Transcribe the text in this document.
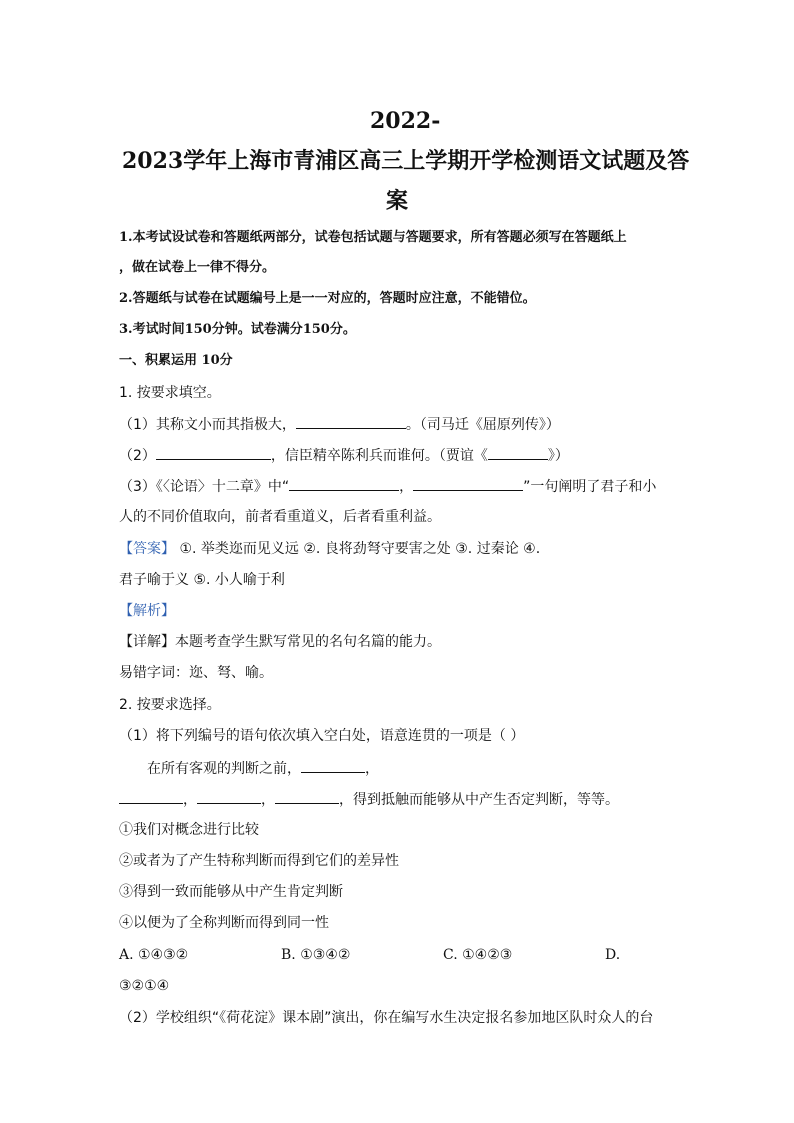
2022-
2023学年上海市青浦区高三上学期开学检测语文试题及答
案
1.本考试设试卷和答题纸两部分，试卷包括试题与答题要求，所有答题必须写在答题纸上
，做在试卷上一律不得分。
2.答题纸与试卷在试题编号上是一一对应的，答题时应注意，不能错位。
3.考试时间150分钟。试卷满分150分。
一、积累运用 10分
1. 按要求填空。
（1）其称文小而其指极大，	。（司马迁《屈原列传》）
（2）	，信臣精卒陈利兵而谁何。（贾谊《	》）
（3）《〈论语〉十二章》中“	，	”一句阐明了君子和小
人的不同价值取向，前者看重道义，后者看重利益。
【答案】 ①. 举类迩而见义远 ②. 良将劲弩守要害之处 ③. 过秦论 ④.
君子喻于义 ⑤. 小人喻于利
【解析】
【详解】本题考查学生默写常见的名句名篇的能力。
易错字词：迩、弩、喻。
2. 按要求选择。
（1）将下列编号的语句依次填入空白处，语意连贯的一项是（ ）
在所有客观的判断之前，	，
，	，	，得到抵触而能够从中产生否定判断，等等。
①我们对概念进行比较
②或者为了产生特称判断而得到它们的差异性
③得到一致而能够从中产生肯定判断
④以便为了全称判断而得到同一性
A. ①④③②	B. ①③④②	C. ①④②③	D.
③②①④
（2）学校组织“《荷花淀》课本剧”演出，你在编写水生决定报名参加地区队时众人的台
